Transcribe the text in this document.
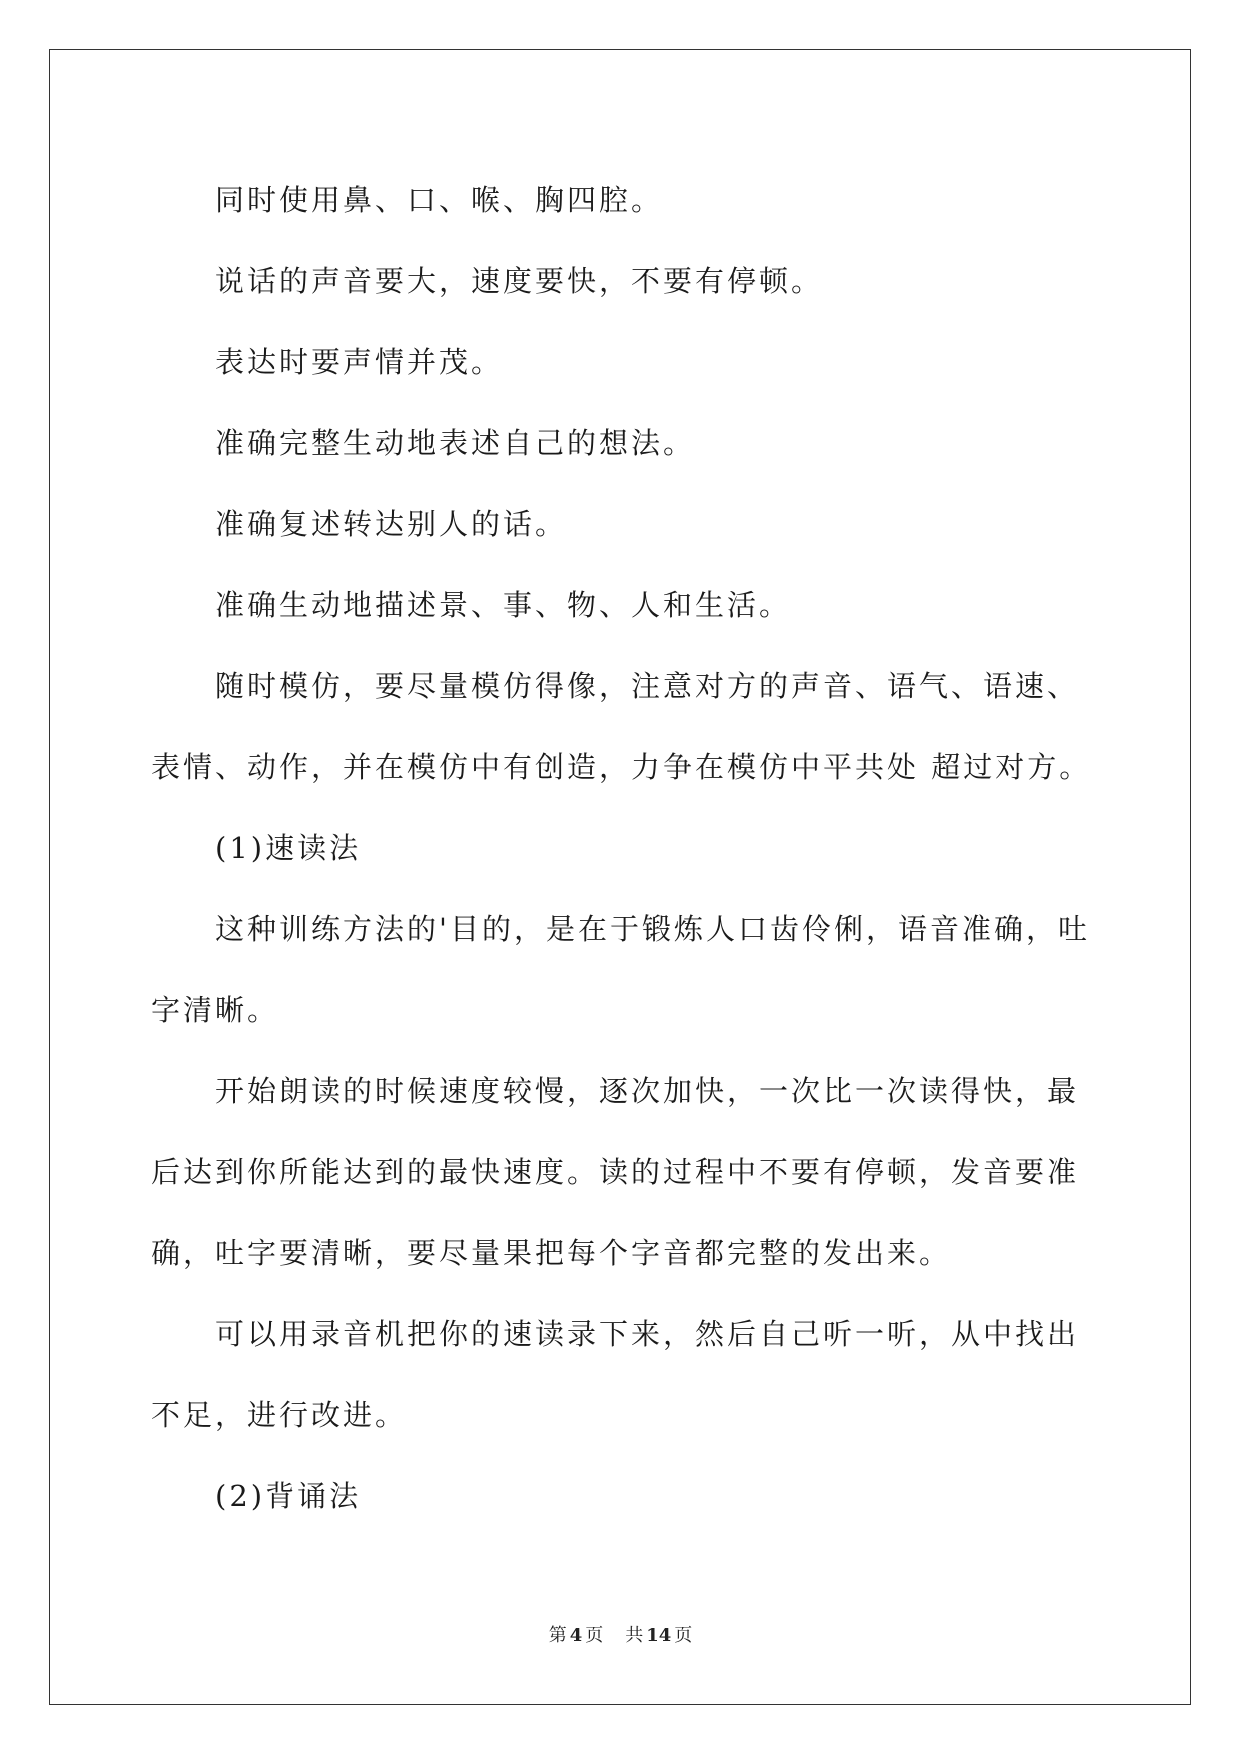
同时使用鼻、口、喉、胸四腔。

说话的声音要大，速度要快，不要有停顿。

表达时要声情并茂。

准确完整生动地表述自己的想法。

准确复述转达别人的话。

准确生动地描述景、事、物、人和生活。

随时模仿，要尽量模仿得像，注意对方的声音、语气、语速、表情、动作，并在模仿中有创造，力争在模仿中平共处 超过对方。

(1)速读法

这种训练方法的'目的，是在于锻炼人口齿伶俐，语音准确，吐字清晰。

开始朗读的时候速度较慢，逐次加快，一次比一次读得快，最后达到你所能达到的最快速度。读的过程中不要有停顿，发音要准确，吐字要清晰，要尽量果把每个字音都完整的发出来。

可以用录音机把你的速读录下来，然后自己听一听，从中找出不足，进行改进。

(2)背诵法

第 4 页 共 14 页
